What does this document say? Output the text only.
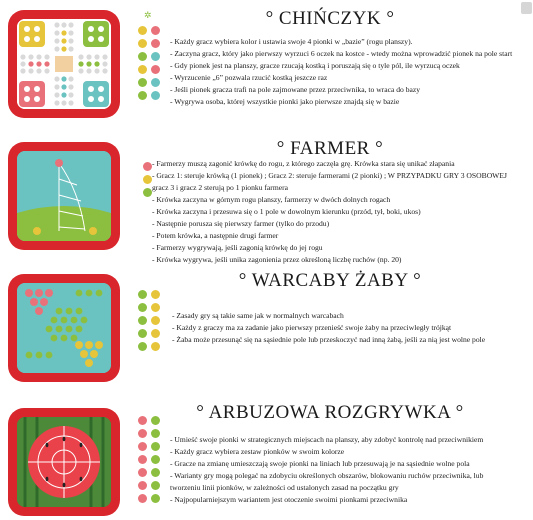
✲	° CHIŃCZYK °
- Każdy gracz wybiera kolor i ustawia swoje 4 pionki w „bazie” (rogu planszy).
- Zaczyna gracz, który jako pierwszy wyrzuci 6 oczek na kostce - wtedy można wprowadzić pionek na pole start
- Gdy pionek jest na planszy, gracze rzucają kostką i poruszają się o tyle pól, ile wyrzucą oczek
- Wyrzucenie „6” pozwala rzucić kostką jeszcze raz
- Jeśli pionek gracza trafi na pole zajmowane przez przeciwnika, to wraca do bazy
- Wygrywa osoba, której wszystkie pionki jako pierwsze znajdą się w bazie
° FARMER °
- Farmerzy muszą zagonić krówkę do rogu, z którego zaczęła grę. Krówka stara się unikać złapania
- Gracz 1: steruje krówką (1 pionek) ; Gracz 2: steruje farmerami (2 pionki) ; W PRZYPADKU GRY 3 OSOBOWEJ
gracz 3 i gracz 2 sterują po 1 pionku farmera
- Krówka zaczyna w górnym rogu planszy, farmerzy w dwóch dolnych rogach
- Krówka zaczyna i przesuwa się o 1 pole w dowolnym kierunku (przód, tył, boki, ukos)
- Następnie porusza się pierwszy farmer (tylko do przodu)
- Potem krówka, a następnie drugi farmer
- Farmerzy wygrywają, jeśli zagonią krówkę do jej rogu
- Krówka wygrywa, jeśli unika zagonienia przez określoną liczbę ruchów (np. 20)
° WARCABY ŻABY °
- Zasady gry są takie same jak w normalnych warcabach
- Każdy z graczy ma za zadanie jako pierwszy przenieść swoje żaby na przeciwległy trójkąt
- Żaba może przesunąć się na sąsiednie pole lub przeskoczyć nad inną żabą, jeśli za nią jest wolne pole
° ARBUZOWA ROZGRYWKA °
- Umieść swoje pionki w strategicznych miejscach na planszy, aby zdobyć kontrolę nad przeciwnikiem
- Każdy gracz wybiera zestaw pionków w swoim kolorze
- Gracze na zmianę umieszczają swoje pionki na liniach lub przesuwają je na sąsiednie wolne pola
- Warianty gry mogą polegać na zdobyciu określonych obszarów, blokowaniu ruchów przeciwnika, lub
tworzeniu linii pionków, w zależności od ustalonych zasad na początku gry
- Najpopularniejszym wariantem jest otoczenie swoimi pionkami przeciwnika
